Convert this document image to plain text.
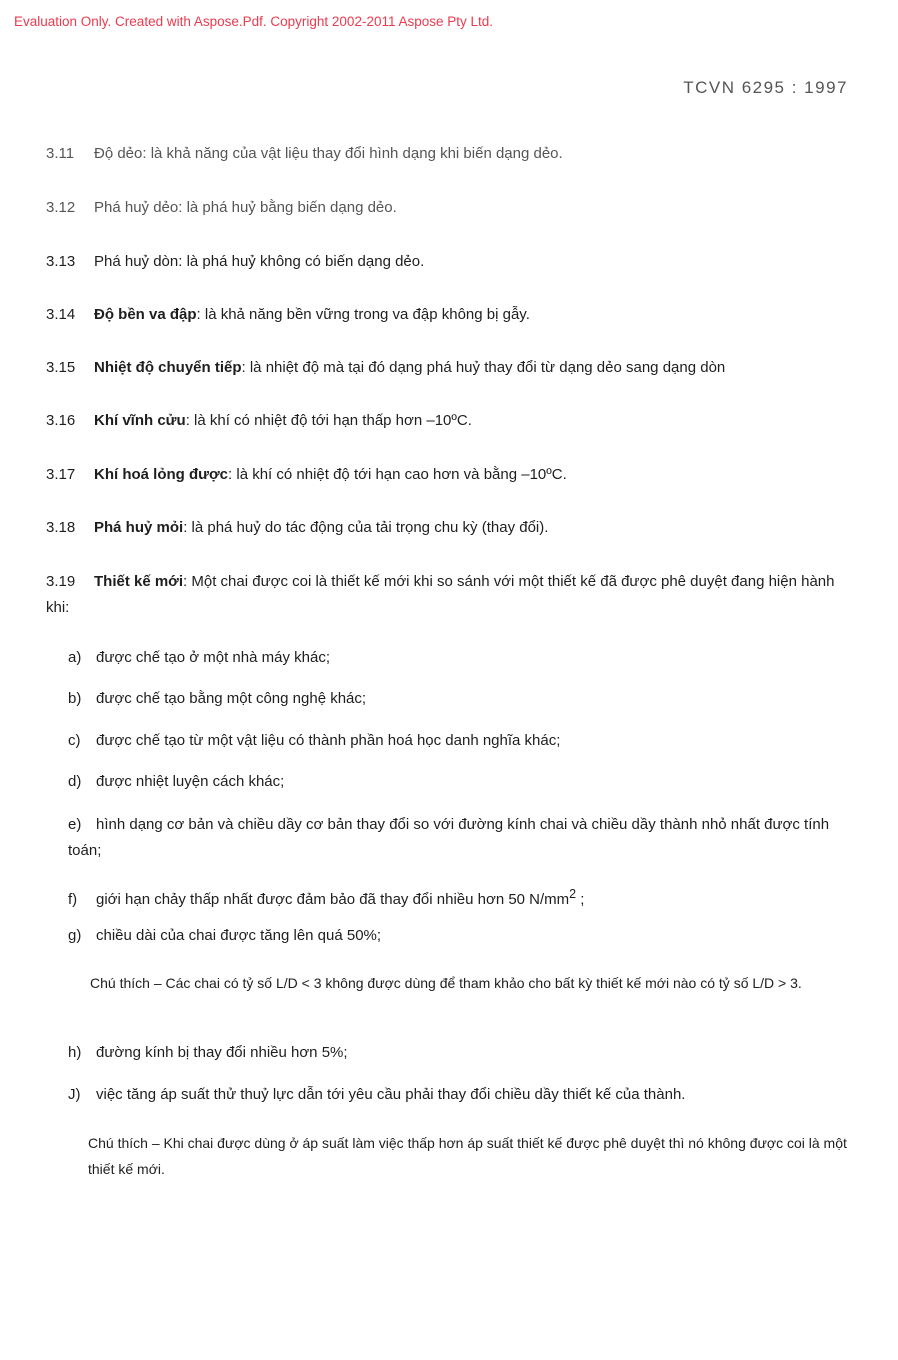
Evaluation Only. Created with Aspose.Pdf. Copyright 2002-2011 Aspose Pty Ltd.
TCVN 6295 : 1997
3.11 Độ dẻo: là khả năng của vật liệu thay đổi hình dạng khi biến dạng dẻo.
3.12 Phá huỷ dẻo: là phá huỷ bằng biến dạng dẻo.
3.13 Phá huỷ dòn: là phá huỷ không có biến dạng dẻo.
3.14 Độ bền va đập: là khả năng bền vững trong va đập không bị gẫy.
3.15 Nhiệt độ chuyển tiếp: là nhiệt độ mà tại đó dạng phá huỷ thay đổi từ dạng dẻo sang dạng dòn
3.16 Khí vĩnh cửu: là khí có nhiệt độ tới hạn thấp hơn –10ºC.
3.17 Khí hoá lỏng được: là khí có nhiệt độ tới hạn cao hơn và bằng –10ºC.
3.18 Phá huỷ mỏi: là phá huỷ do tác động của tải trọng chu kỳ (thay đổi).
3.19 Thiết kế mới: Một chai được coi là thiết kế mới khi so sánh với một thiết kế đã được phê duyệt đang hiện hành khi:
a) được chế tạo ở một nhà máy khác;
b) được chế tạo bằng một công nghệ khác;
c) được chế tạo từ một vật liệu có thành phần hoá học danh nghĩa khác;
d) được nhiệt luyện cách khác;
e) hình dạng cơ bản và chiều dầy cơ bản thay đổi so với đường kính chai và chiều dầy thành nhỏ nhất được tính toán;
f) giới hạn chảy thấp nhất được đảm bảo đã thay đổi nhiều hơn 50 $N/mm^2$ ;
g) chiều dài của chai được tăng lên quá 50%;
Chú thích – Các chai có tỷ số L/D < 3 không được dùng để tham khảo cho bất kỳ thiết kế mới nào có tỷ số L/D > 3.
h) đường kính bị thay đổi nhiều hơn 5%;
J) việc tăng áp suất thử thuỷ lực dẫn tới yêu cầu phải thay đổi chiều dầy thiết kế của thành.
Chú thích – Khi chai được dùng ở áp suất làm việc thấp hơn áp suất thiết kế được phê duyệt thì nó không được coi là một thiết kế mới.
